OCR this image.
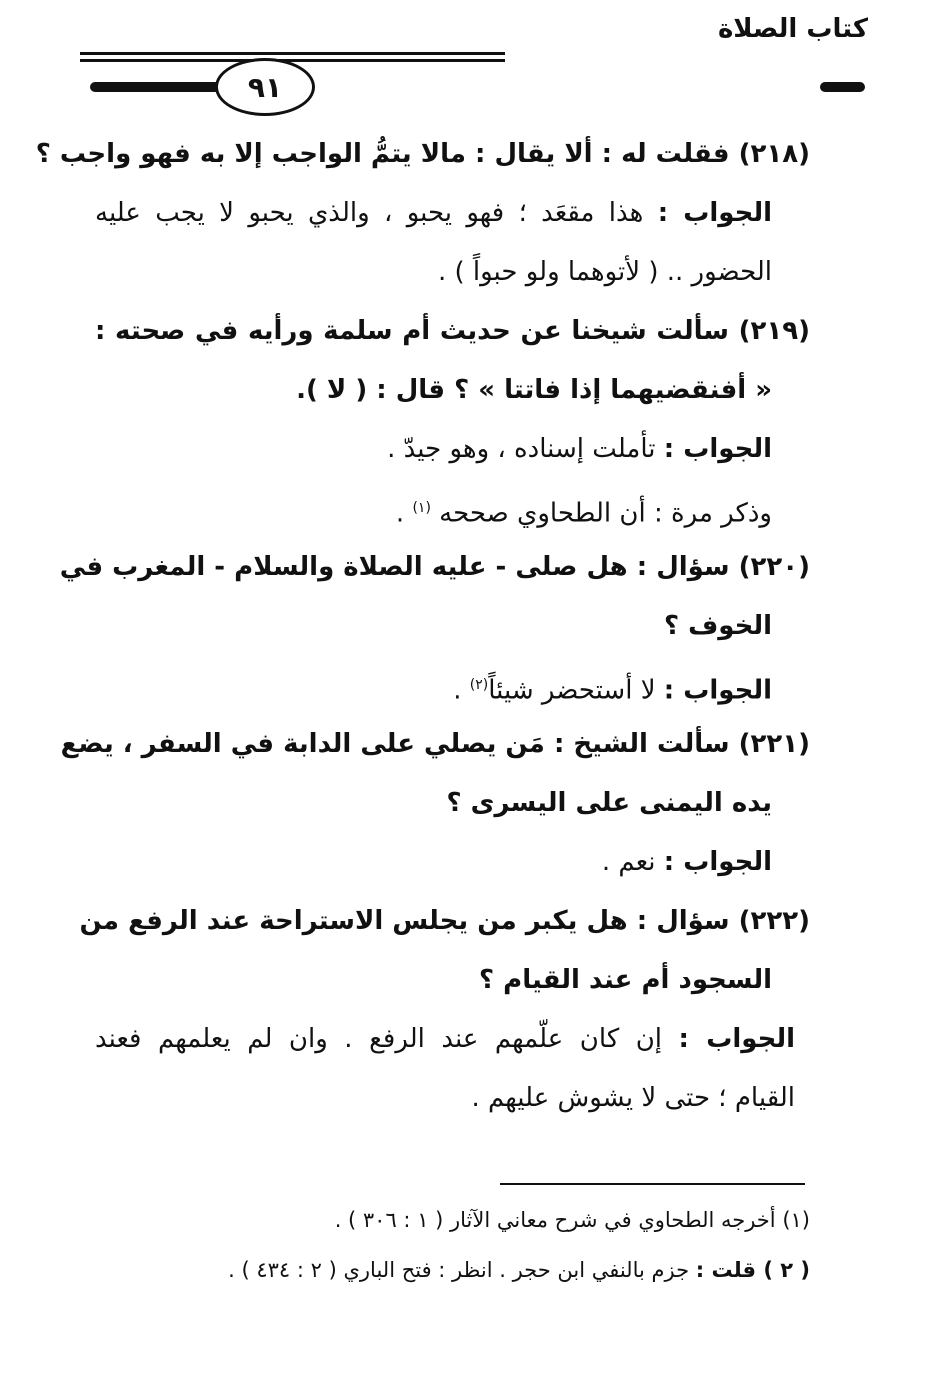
٩١
كتاب الصلاة
(٢١٨) فقلت له : ألا يقال : مالا يتمُّ الواجب إلا به فهو واجب ؟
الجواب : هذا مقعَد ؛ فهو يحبو ، والذي يحبو لا يجب عليه
الحضور .. ( لأتوهما ولو حبواً ) .
(٢١٩) سألت شيخنا عن حديث أم سلمة ورأيه في صحته :
« أفنقضيهما إذا فاتتا » ؟ قال : ( لا ).
الجواب : تأملت إسناده ، وهو جيدّ .
وذكر مرة : أن الطحاوي صححه $^{(١)}$ .
(٢٢٠) سؤال : هل صلى - عليه الصلاة والسلام - المغرب في
الخوف ؟
الجواب : لا أستحضر شيئاً$^{(٢)}$ .
(٢٢١) سألت الشيخ : مَن يصلي على الدابة في السفر ، يضع
يده اليمنى على اليسرى ؟
الجواب : نعم .
(٢٢٢) سؤال : هل يكبر من يجلس الاستراحة عند الرفع من
السجود أم عند القيام ؟
الجواب : إن كان علّمهم عند الرفع . وان لم يعلمهم فعند
القيام ؛ حتى لا يشوش عليهم .
(١) أخرجه الطحاوي في شرح معاني الآثار ( ١ : ٣٠٦ ) .
( ٢ ) قلت : جزم بالنفي ابن حجر . انظر : فتح الباري ( ٢ : ٤٣٤ ) .
